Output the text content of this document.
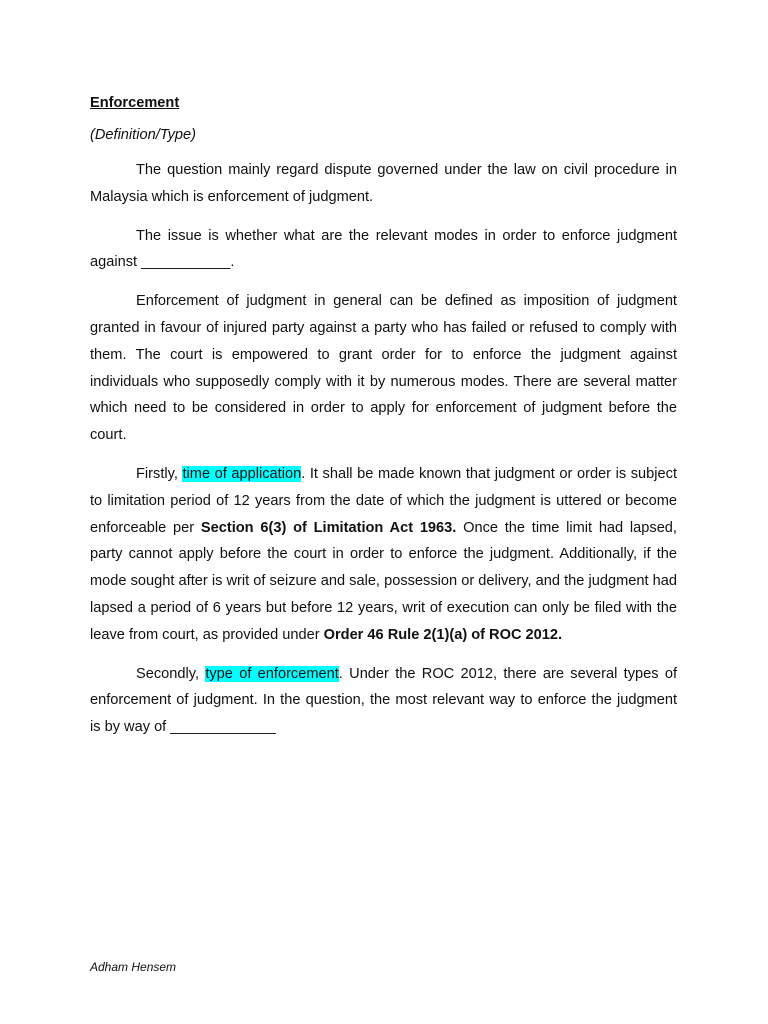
Enforcement
(Definition/Type)

The question mainly regard dispute governed under the law on civil procedure in Malaysia which is enforcement of judgment.

The issue is whether what are the relevant modes in order to enforce judgment against ___________.

Enforcement of judgment in general can be defined as imposition of judgment granted in favour of injured party against a party who has failed or refused to comply with them. The court is empowered to grant order for to enforce the judgment against individuals who supposedly comply with it by numerous modes. There are several matter which need to be considered in order to apply for enforcement of judgment before the court.

Firstly, time of application. It shall be made known that judgment or order is subject to limitation period of 12 years from the date of which the judgment is uttered or become enforceable per Section 6(3) of Limitation Act 1963. Once the time limit had lapsed, party cannot apply before the court in order to enforce the judgment. Additionally, if the mode sought after is writ of seizure and sale, possession or delivery, and the judgment had lapsed a period of 6 years but before 12 years, writ of execution can only be filed with the leave from court, as provided under Order 46 Rule 2(1)(a) of ROC 2012.

Secondly, type of enforcement. Under the ROC 2012, there are several types of enforcement of judgment. In the question, the most relevant way to enforce the judgment is by way of _____________

Adham Hensem
